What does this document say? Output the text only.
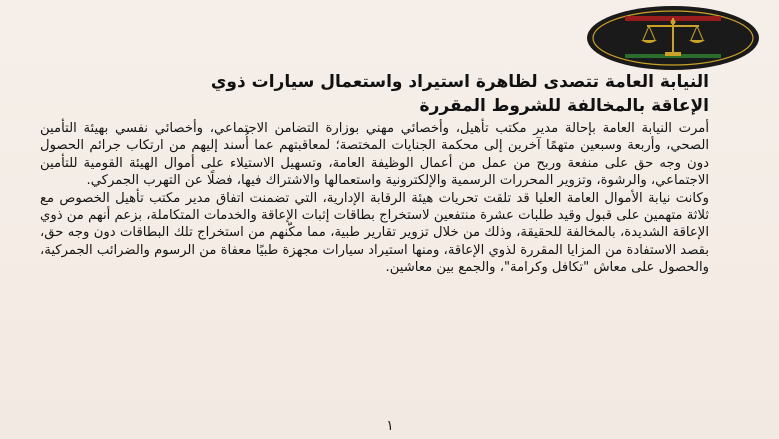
النيابة العامة تتصدى لظاهرة استيراد واستعمال سيارات ذوي
الإعاقة بالمخالفة للشروط المقررة

أمرت النيابة العامة بإحالة مدير مكتب تأهيل، وأخصائي مهني بوزارة التضامن الاجتماعي، وأخصائي نفسي بهيئة التأمين الصحي، وأربعة وسبعين متهمًا آخرين إلى محكمة الجنايات المختصة؛ لمعاقبتهم عما أُسند إليهم من ارتكاب جرائم الحصول دون وجه حق على منفعة وربح من عمل من أعمال الوظيفة العامة، وتسهيل الاستيلاء على أموال الهيئة القومية للتأمين الاجتماعي، والرشوة، وتزوير المحررات الرسمية والإلكترونية واستعمالها والاشتراك فيها، فضلًا عن التهرب الجمركي.

وكانت نيابة الأموال العامة العليا قد تلقت تحريات هيئة الرقابة الإدارية، التي تضمنت اتفاق مدير مكتب تأهيل الخصوص مع ثلاثة متهمين على قبول وقيد طلبات عشرة منتفعين لاستخراج بطاقات إثبات الإعاقة والخدمات المتكاملة، بزعم أنهم من ذوي الإعاقة الشديدة، بالمخالفة للحقيقة، وذلك من خلال تزوير تقارير طبية، مما مكّنهم من استخراج تلك البطاقات دون وجه حق، بقصد الاستفادة من المزايا المقررة لذوي الإعاقة، ومنها استيراد سيارات مجهزة طبيًا معفاة من الرسوم والضرائب الجمركية، والحصول على معاش "تكافل وكرامة"، والجمع بين معاشين.

١
